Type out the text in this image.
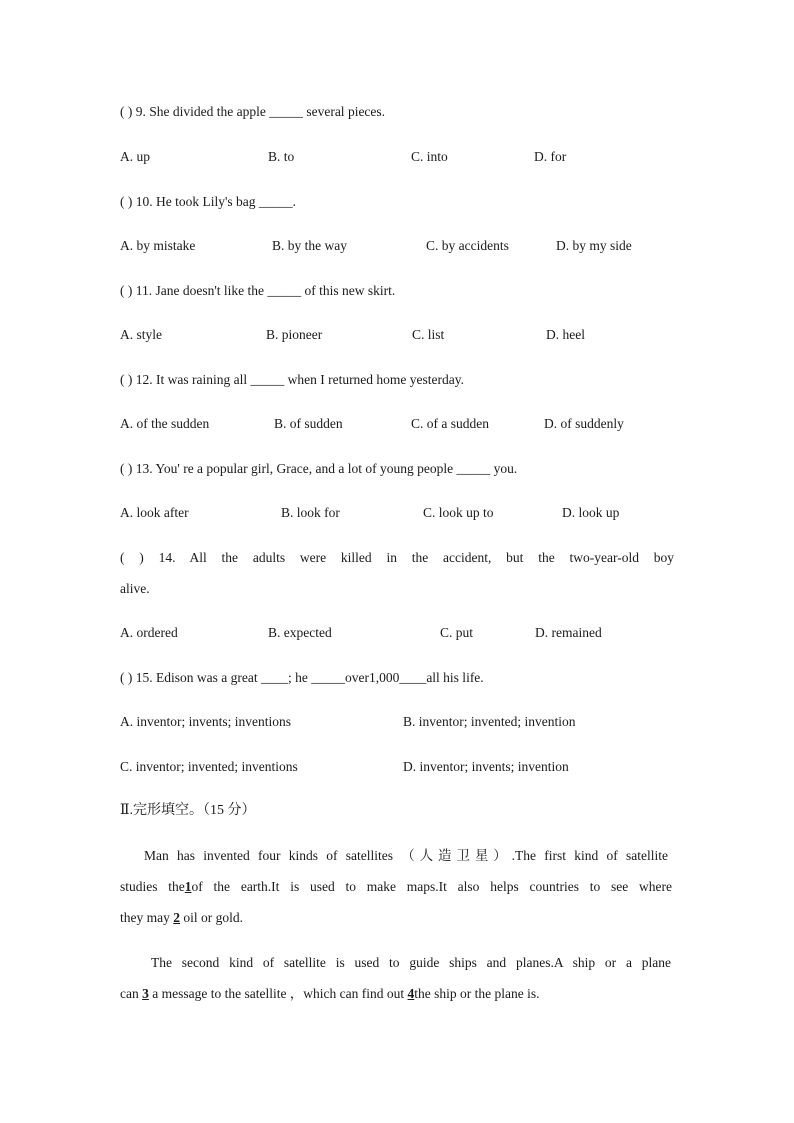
( ) 9. She divided the apple _____ several pieces.
A. up	B. to	C. into	D. for
( ) 10. He took Lily's bag _____.
A. by mistake	B. by the way	C. by accidents	D. by my side
( ) 11. Jane doesn't like the _____ of this new skirt.
A. style	B. pioneer	C. list	D. heel
( ) 12. It was raining all _____ when I returned home yesterday.
A. of the sudden	B. of sudden	C. of a sudden	D. of suddenly
( ) 13. You' re a popular girl, Grace, and a lot of young people _____ you.
A. look after	B. look for	C. look up to	D. look up
( ) 14. All the adults were killed in the accident, but the two-year-old boy
alive.
A. ordered	B. expected	C. put	D. remained
( ) 15. Edison was a great ____; he _____over1,000____all his life.
A. inventor; invents; inventions	B. inventor; invented; invention
C. inventor; invented; inventions	D. inventor; invents; invention
Ⅱ.完形填空。（15 分）
Man has invented four kinds of satellites （人造卫星）.The first kind of satellite
studies the1of the earth.It is used to make maps.It also helps countries to see where
they may 2 oil or gold.
The second kind of satellite is used to guide ships and planes.A ship or a plane
can 3 a message to the satellite ，which can find out 4the ship or the plane is.
